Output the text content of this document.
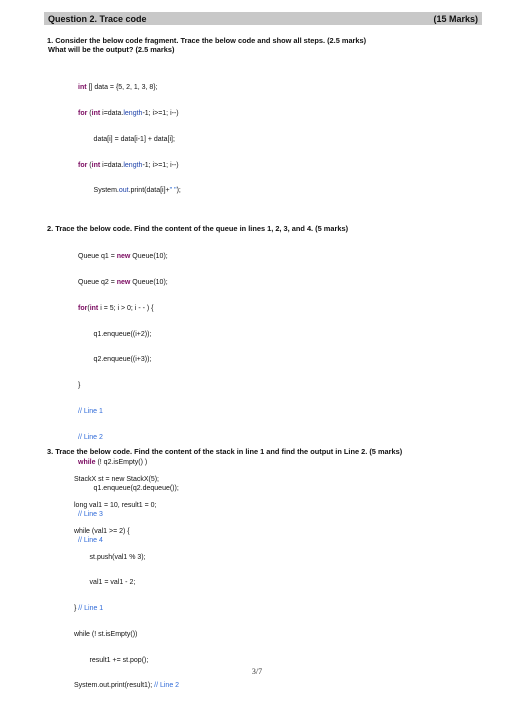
Question 2. Trace code	(15 Marks)
1. Consider the below code fragment. Trace the below code and show all steps. (2.5 marks)
What will be the output? (2.5 marks)

int [] data = {5, 2, 1, 3, 8};

for (int i=data.length-1; i>=1; i--)

data[i] = data[i-1] + data[i];

for (int i=data.length-1; i>=1; i--)

System.out.print(data[i]+" ");

2. Trace the below code. Find the content of the queue in lines 1, 2, 3, and 4. (5 marks)

Queue q1 = new Queue(10);

Queue q2 = new Queue(10);

for(int i = 5; i > 0; i - - ) {

q1.enqueue((i+2));

q2.enqueue((i+3));

}

// Line 1

// Line 2

while (! q2.isEmpty() )

q1.enqueue(q2.dequeue());

// Line 3

// Line 4

3. Trace the below code. Find the content of the stack in line 1 and find the output in Line 2. (5 marks)

StackX st = new StackX(5);

long val1 = 10, result1 = 0;

while (val1 >= 2) {

st.push(val1 % 3);

val1 = val1 - 2;

} // Line 1

while (! st.isEmpty())

result1 += st.pop();

System.out.print(result1); // Line 2

3/7
